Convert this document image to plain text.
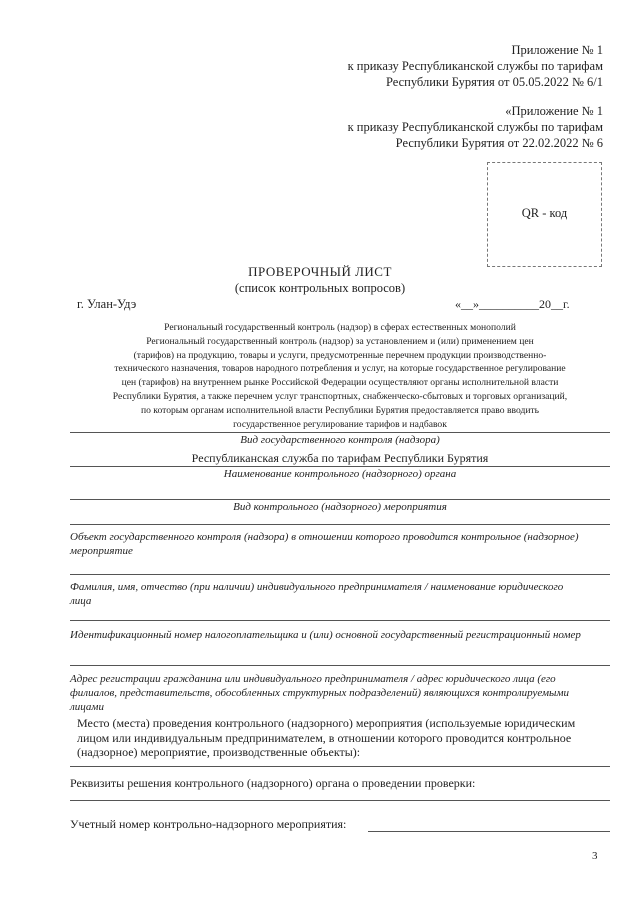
Приложение № 1
к приказу Республиканской службы по тарифам
Республики Бурятия от 05.05.2022 № 6/1
«Приложение № 1
к приказу Республиканской службы по тарифам
Республики Бурятия от 22.02.2022 № 6
QR - код
ПРОВЕРОЧНЫЙ ЛИСТ
(список контрольных вопросов)
г. Улан-Удэ	«__»__________20__г.
Региональный государственный контроль (надзор) в сферах естественных монополий
Региональный государственный контроль (надзор) за установлением и (или) применением цен
(тарифов) на продукцию, товары и услуги, предусмотренные перечнем продукции производственно-
технического назначения, товаров народного потребления и услуг, на которые государственное регулирование
цен (тарифов) на внутреннем рынке Российской Федерации осуществляют органы исполнительной власти
Республики Бурятия, а также перечнем услуг транспортных, снабженческо-сбытовых и торговых организаций,
по которым органам исполнительной власти Республики Бурятия предоставляется право вводить
государственное регулирование тарифов и надбавок
Вид государственного контроля (надзора)
Республиканская служба по тарифам Республики Бурятия
Наименование контрольного (надзорного) органа
Вид контрольного (надзорного) мероприятия
Объект государственного контроля (надзора) в отношении которого проводится контрольное (надзорное) мероприятие
Фамилия, имя, отчество (при наличии) индивидуального предпринимателя / наименование юридического лица
Идентификационный номер налогоплательщика и (или) основной государственный регистрационный номер
Адрес регистрации гражданина или индивидуального предпринимателя / адрес юридического лица (его филиалов, представительств, обособленных структурных подразделений) являющихся контролируемыми лицами
Место (места) проведения контрольного (надзорного) мероприятия (используемые юридическим лицом или индивидуальным предпринимателем, в отношении которого проводится контрольное (надзорное) мероприятие, производственные объекты):
Реквизиты решения контрольного (надзорного) органа о проведении проверки:
Учетный номер контрольно-надзорного мероприятия:
3
